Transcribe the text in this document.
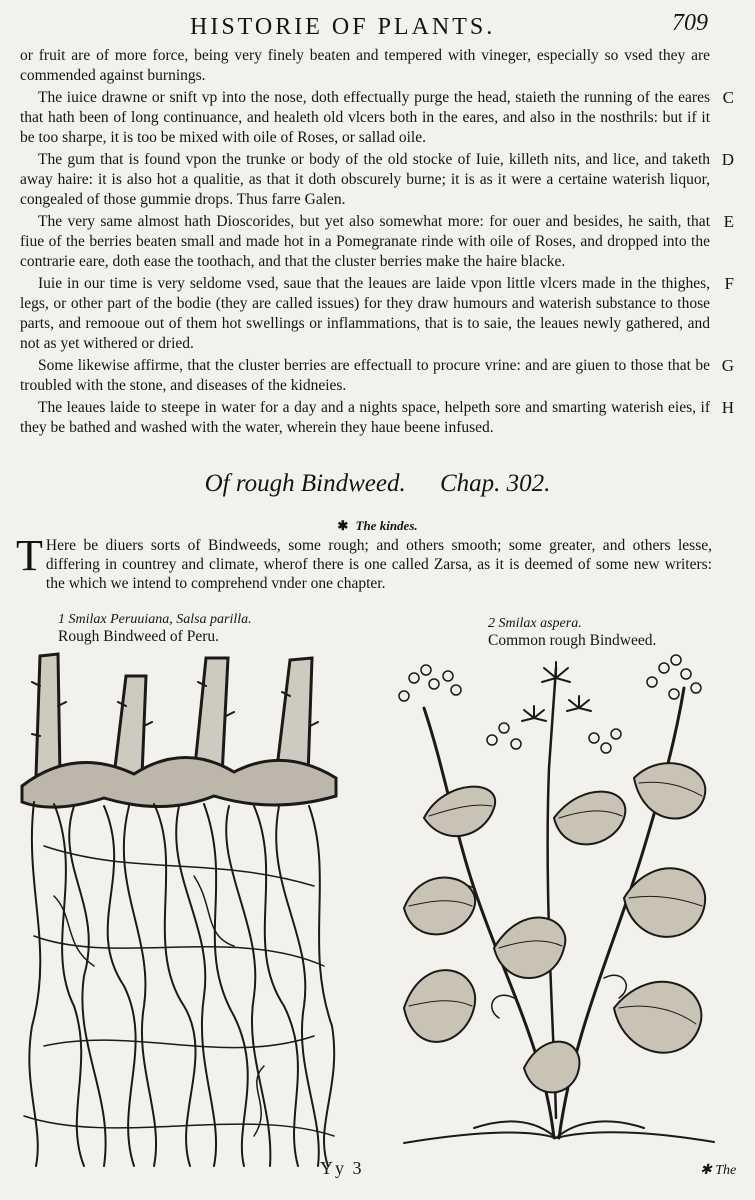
HISTORIE OF PLANTS.	709

or fruit are of more force, being very finely beaten and tempered with vineger, especially so vsed they are commended against burnings.

The iuice drawne or snift vp into the nose, doth effectually purge the head, staieth the running of the eares that hath been of long continuance, and healeth old vlcers both in the eares, and also in the nosthrils: but if it be too sharpe, it is too be mixed with oile of Roses, or sallad oile.
C

The gum that is found vpon the trunke or body of the old stocke of Iuie, killeth nits, and lice, and taketh away haire: it is also hot a qualitie, as that it doth obscurely burne; it is as it were a certaine waterish liquor, congealed of those gummie drops. Thus farre Galen.
D

The very same almost hath Dioscorides, but yet also somewhat more: for ouer and besides, he saith, that fiue of the berries beaten small and made hot in a Pomegranate rinde with oile of Roses, and dropped into the contrarie eare, doth ease the toothach, and that the cluster berries make the haire blacke.
E

Iuie in our time is very seldome vsed, saue that the leaues are laide vpon little vlcers made in the thighes, legs, or other part of the bodie (they are called issues) for they draw humours and waterish substance to those parts, and remooue out of them hot swellings or inflammations, that is to saie, the leaues newly gathered, and not as yet withered or dried.
F

Some likewise affirme, that the cluster berries are effectuall to procure vrine: and are giuen to those that be troubled with the stone, and diseases of the kidneies.
G

The leaues laide to steepe in water for a day and a nights space, helpeth sore and smarting waterish eies, if they be bathed and washed with the water, wherein they haue beene infused.
H

Of rough Bindweed. Chap. 302.
✱ The kindes.
T Here be diuers sorts of Bindweeds, some rough; and others smooth; some greater, and others lesse, differing in countrey and climate, wherof there is one called Zarsa, as it is deemed of some new writers: the which we intend to comprehend vnder one chapter.
1 Smilax Peruuiana, Salsa parilla.
Rough Bindweed of Peru.
2 Smilax aspera.
Common rough Bindweed.
Yy 3	✱ The
